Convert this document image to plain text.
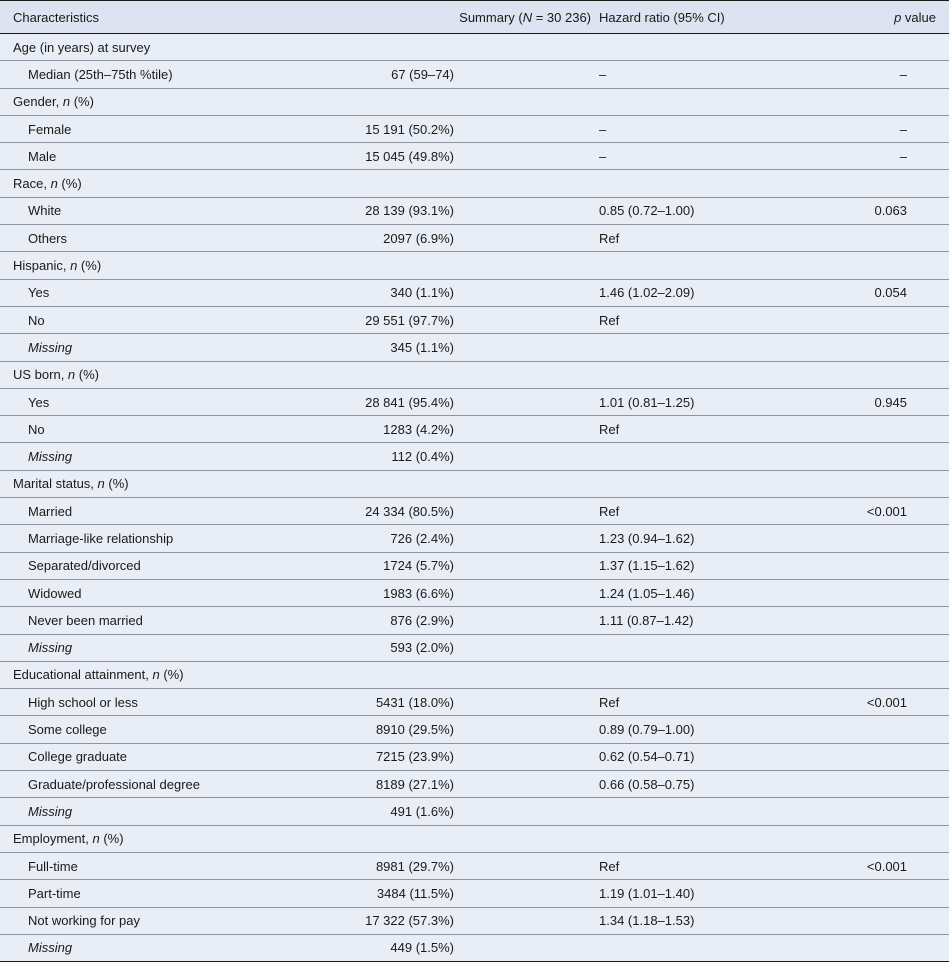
Characteristics	Summary (N = 30 236)		Hazard ratio (95% CI)	p value
Age (in years) at survey				
Median (25th–75th %tile)	67 (59–74)		–	–
Gender, n (%)				
Female	15 191 (50.2%)		–	–
Male	15 045 (49.8%)		–	–
Race, n (%)				
White	28 139 (93.1%)		0.85 (0.72–1.00)	0.063
Others	2097 (6.9%)		Ref	
Hispanic, n (%)				
Yes	340 (1.1%)		1.46 (1.02–2.09)	0.054
No	29 551 (97.7%)		Ref	
Missing	345 (1.1%)			
US born, n (%)				
Yes	28 841 (95.4%)		1.01 (0.81–1.25)	0.945
No	1283 (4.2%)		Ref	
Missing	112 (0.4%)			
Marital status, n (%)				
Married	24 334 (80.5%)		Ref	<0.001
Marriage-like relationship	726 (2.4%)		1.23 (0.94–1.62)	
Separated/divorced	1724 (5.7%)		1.37 (1.15–1.62)	
Widowed	1983 (6.6%)		1.24 (1.05–1.46)	
Never been married	876 (2.9%)		1.11 (0.87–1.42)	
Missing	593 (2.0%)			
Educational attainment, n (%)				
High school or less	5431 (18.0%)		Ref	<0.001
Some college	8910 (29.5%)		0.89 (0.79–1.00)	
College graduate	7215 (23.9%)		0.62 (0.54–0.71)	
Graduate/professional degree	8189 (27.1%)		0.66 (0.58–0.75)	
Missing	491 (1.6%)			
Employment, n (%)				
Full-time	8981 (29.7%)		Ref	<0.001
Part-time	3484 (11.5%)		1.19 (1.01–1.40)	
Not working for pay	17 322 (57.3%)		1.34 (1.18–1.53)	
Missing	449 (1.5%)			
